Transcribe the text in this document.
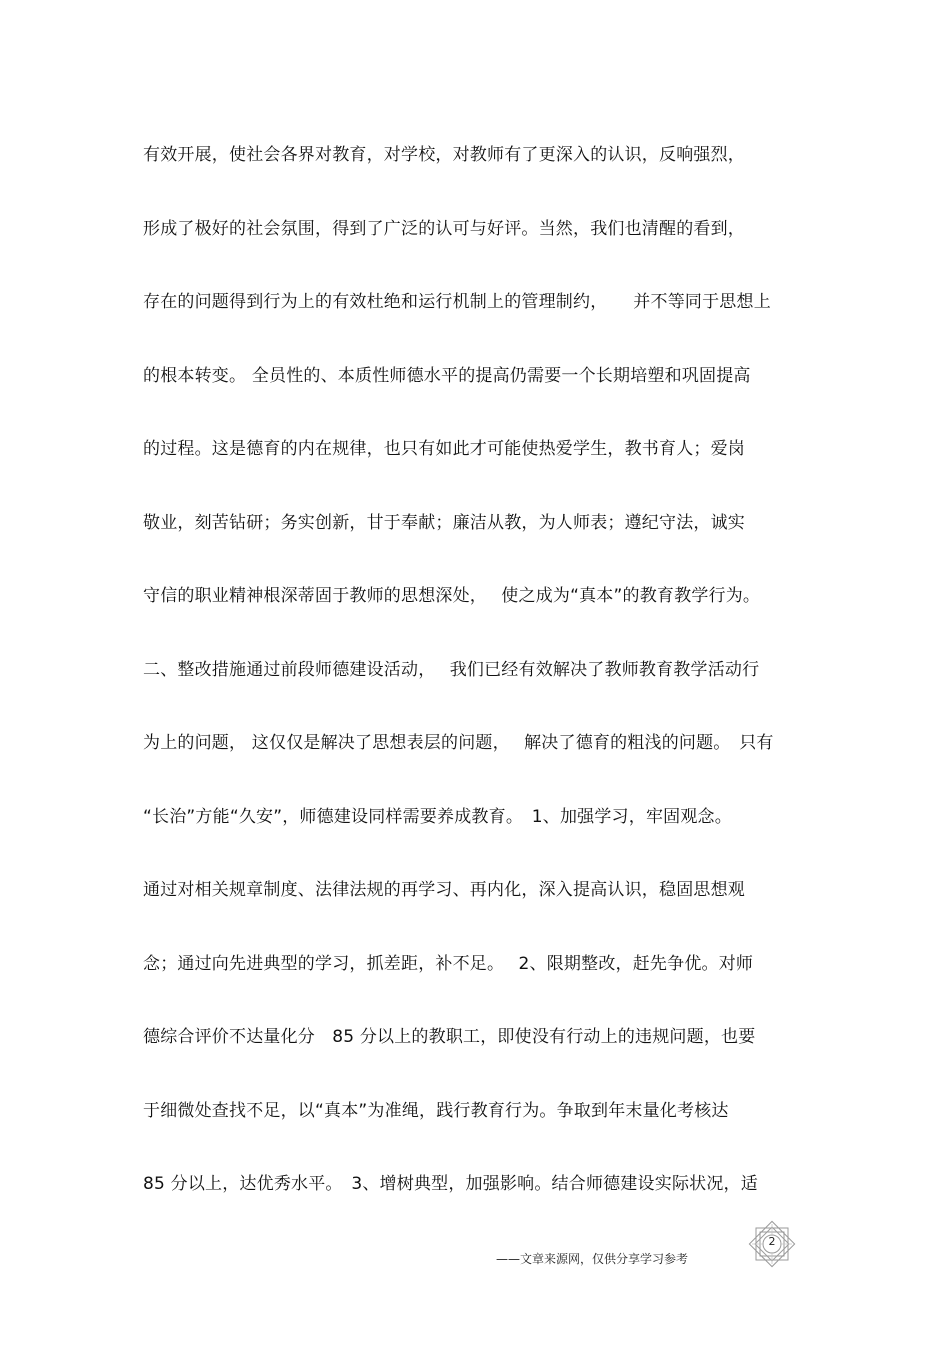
有效开展，使社会各界对教育，对学校，对教师有了更深入的认识，反响强烈，
形成了极好的社会氛围，得到了广泛的认可与好评。当然，我们也清醒的看到，
存在的问题得到行为上的有效杜绝和运行机制上的管理制约，　　并不等同于思想上
的根本转变。 全员性的、本质性师德水平的提高仍需要一个长期培塑和巩固提高
的过程。这是德育的内在规律，也只有如此才可能使热爱学生，教书育人；爱岗
敬业，刻苦钻研；务实创新，甘于奉献；廉洁从教，为人师表；遵纪守法，诚实
守信的职业精神根深蒂固于教师的思想深处，　 使之成为“真本”的教育教学行为。
二、整改措施通过前段师德建设活动，　 我们已经有效解决了教师教育教学活动行
为上的问题， 这仅仅是解决了思想表层的问题，　 解决了德育的粗浅的问题。　只有
“长治”方能“久安”，师德建设同样需要养成教育。　1、加强学习，牢固观念。
通过对相关规章制度、法律法规的再学习、再内化，深入提高认识，稳固思想观
念；通过向先进典型的学习，抓差距，补不足。　 2、限期整改，赶先争优。对师
德综合评价不达量化分　85 分以上的教职工，即使没有行动上的违规问题，也要
于细微处查找不足，以“真本”为准绳，践行教育行为。争取到年末量化考核达
85 分以上，达优秀水平。　3、增树典型，加强影响。结合师德建设实际状况，适
——文章来源网，仅供分享学习参考
2
